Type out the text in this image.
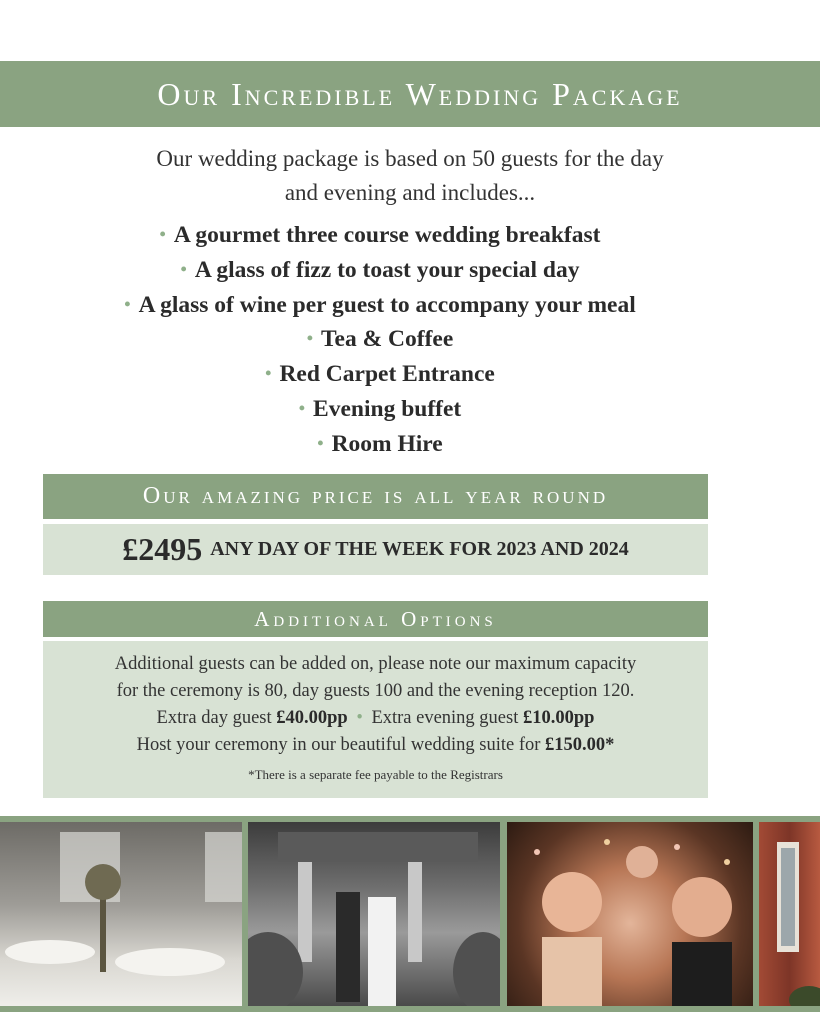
Our Incredible Wedding Package
Our wedding package is based on 50 guests for the day
and evening and includes...
• A gourmet three course wedding breakfast
• A glass of fizz to toast your special day
• A glass of wine per guest to accompany your meal
• Tea & Coffee
• Red Carpet Entrance
• Evening buffet
• Room Hire
Our amazing price is all year round
£2495 ANY DAY OF THE WEEK FOR 2023 AND 2024
Additional Options

Additional guests can be added on, please note our maximum capacity

for the ceremony is 80, day guests 100 and the evening reception 120.

Extra day guest £40.00pp • Extra evening guest £10.00pp

Host your ceremony in our beautiful wedding suite for £150.00*

*There is a separate fee payable to the Registrars
